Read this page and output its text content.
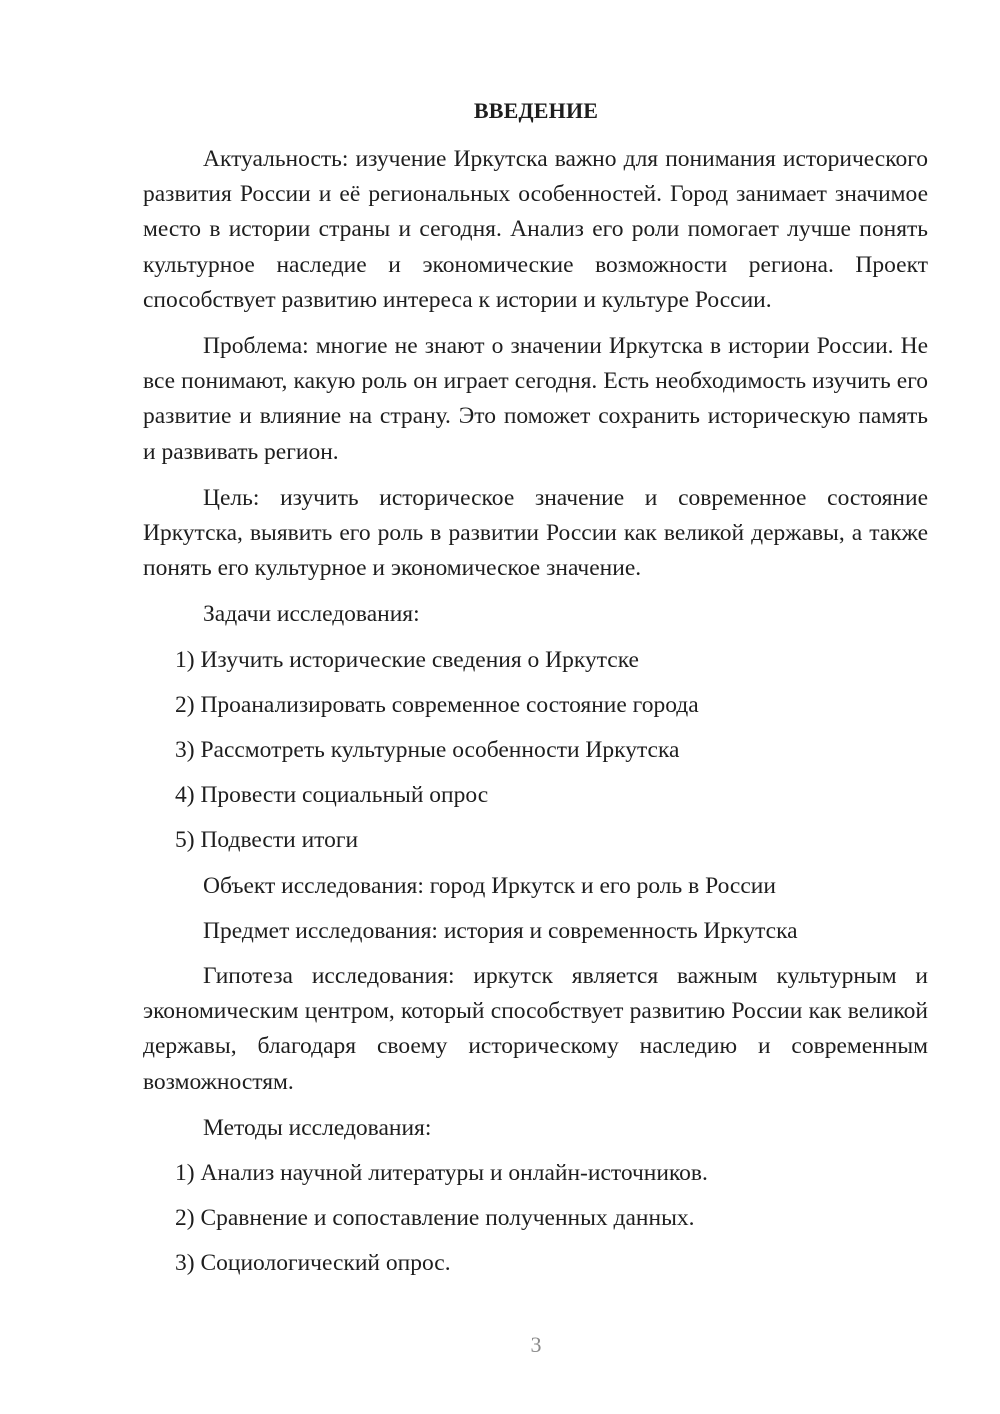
ВВЕДЕНИЕ

Актуальность: изучение Иркутска важно для понимания исторического развития России и её региональных особенностей. Город занимает значимое место в истории страны и сегодня. Анализ его роли помогает лучше понять культурное наследие и экономические возможности региона. Проект способствует развитию интереса к истории и культуре России.

Проблема: многие не знают о значении Иркутска в истории России. Не все понимают, какую роль он играет сегодня. Есть необходимость изучить его развитие и влияние на страну. Это поможет сохранить историческую память и развивать регион.

Цель: изучить историческое значение и современное состояние Иркутска, выявить его роль в развитии России как великой державы, а также понять его культурное и экономическое значение.

Задачи исследования:

1) Изучить исторические сведения о Иркутске

2) Проанализировать современное состояние города

3) Рассмотреть культурные особенности Иркутска

4) Провести социальный опрос

5) Подвести итоги

Объект исследования: город Иркутск и его роль в России

Предмет исследования: история и современность Иркутска

Гипотеза исследования: иркутск является важным культурным и экономическим центром, который способствует развитию России как великой державы, благодаря своему историческому наследию и современным возможностям.

Методы исследования:

1) Анализ научной литературы и онлайн-источников.

2) Сравнение и сопоставление полученных данных.

3) Социологический опрос.

3
